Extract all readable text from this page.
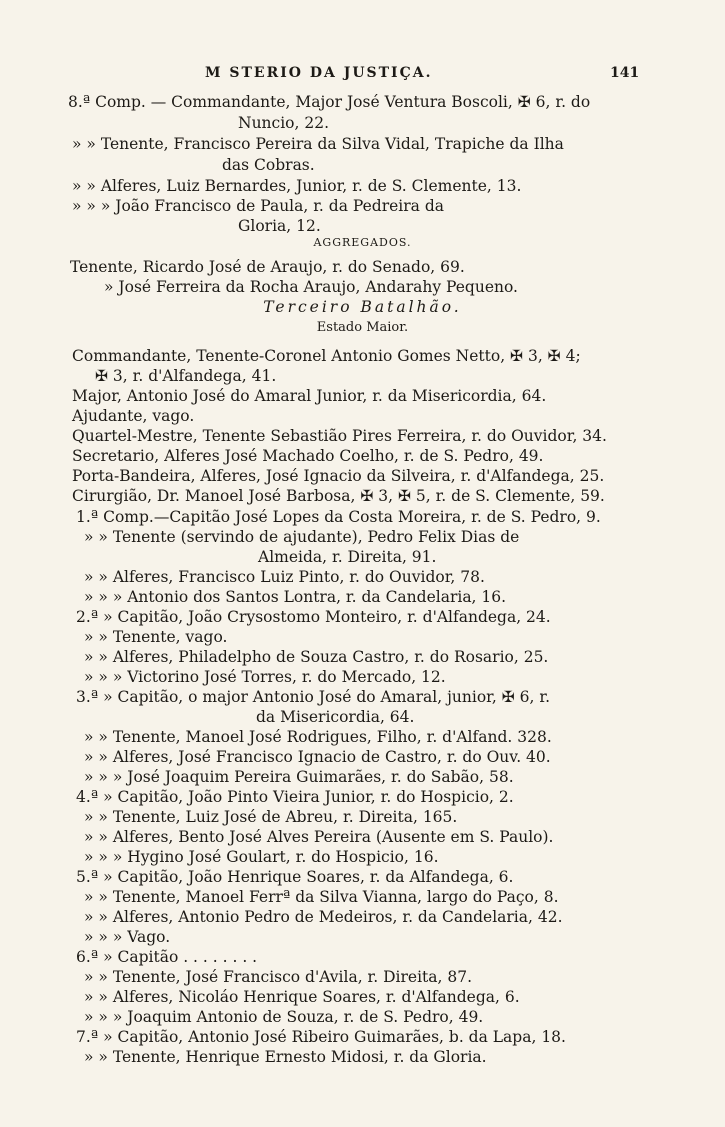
M STERIO DA JUSTIÇA.	141
AGGREGADOS.
Terceiro Batalhão.
Estado Maior.
8.ª Comp. — Commandante, Major José Ventura Boscoli, ✠ 6, r. do
Nuncio, 22.
» » Tenente, Francisco Pereira da Silva Vidal, Trapiche da Ilha
das Cobras.
» » Alferes, Luiz Bernardes, Junior, r. de S. Clemente, 13.
» » » João Francisco de Paula, r. da Pedreira da
Gloria, 12.
Tenente, Ricardo José de Araujo, r. do Senado, 69.
» José Ferreira da Rocha Araujo, Andarahy Pequeno.
Commandante, Tenente-Coronel Antonio Gomes Netto, ✠ 3, ✠ 4;
✠ 3, r. d'Alfandega, 41.
Major, Antonio José do Amaral Junior, r. da Misericordia, 64.
Ajudante, vago.
Quartel-Mestre, Tenente Sebastião Pires Ferreira, r. do Ouvidor, 34.
Secretario, Alferes José Machado Coelho, r. de S. Pedro, 49.
Porta-Bandeira, Alferes, José Ignacio da Silveira, r. d'Alfandega, 25.
Cirurgião, Dr. Manoel José Barbosa, ✠ 3, ✠ 5, r. de S. Clemente, 59.
1.ª Comp.—Capitão José Lopes da Costa Moreira, r. de S. Pedro, 9.
» » Tenente (servindo de ajudante), Pedro Felix Dias de
Almeida, r. Direita, 91.
» » Alferes, Francisco Luiz Pinto, r. do Ouvidor, 78.
» » » Antonio dos Santos Lontra, r. da Candelaria, 16.
2.ª » Capitão, João Crysostomo Monteiro, r. d'Alfandega, 24.
» » Tenente, vago.
» » Alferes, Philadelpho de Souza Castro, r. do Rosario, 25.
» » » Victorino José Torres, r. do Mercado, 12.
3.ª » Capitão, o major Antonio José do Amaral, junior, ✠ 6, r.
da Misericordia, 64.
» » Tenente, Manoel José Rodrigues, Filho, r. d'Alfand. 328.
» » Alferes, José Francisco Ignacio de Castro, r. do Ouv. 40.
» » » José Joaquim Pereira Guimarães, r. do Sabão, 58.
4.ª » Capitão, João Pinto Vieira Junior, r. do Hospicio, 2.
» » Tenente, Luiz José de Abreu, r. Direita, 165.
» » Alferes, Bento José Alves Pereira (Ausente em S. Paulo).
» » » Hygino José Goulart, r. do Hospicio, 16.
5.ª » Capitão, João Henrique Soares, r. da Alfandega, 6.
» » Tenente, Manoel Ferrª da Silva Vianna, largo do Paço, 8.
» » Alferes, Antonio Pedro de Medeiros, r. da Candelaria, 42.
» » » Vago.
6.ª » Capitão . . . . . . . .
» » Tenente, José Francisco d'Avila, r. Direita, 87.
» » Alferes, Nicoláo Henrique Soares, r. d'Alfandega, 6.
» » » Joaquim Antonio de Souza, r. de S. Pedro, 49.
7.ª » Capitão, Antonio José Ribeiro Guimarães, b. da Lapa, 18.
» » Tenente, Henrique Ernesto Midosi, r. da Gloria.
